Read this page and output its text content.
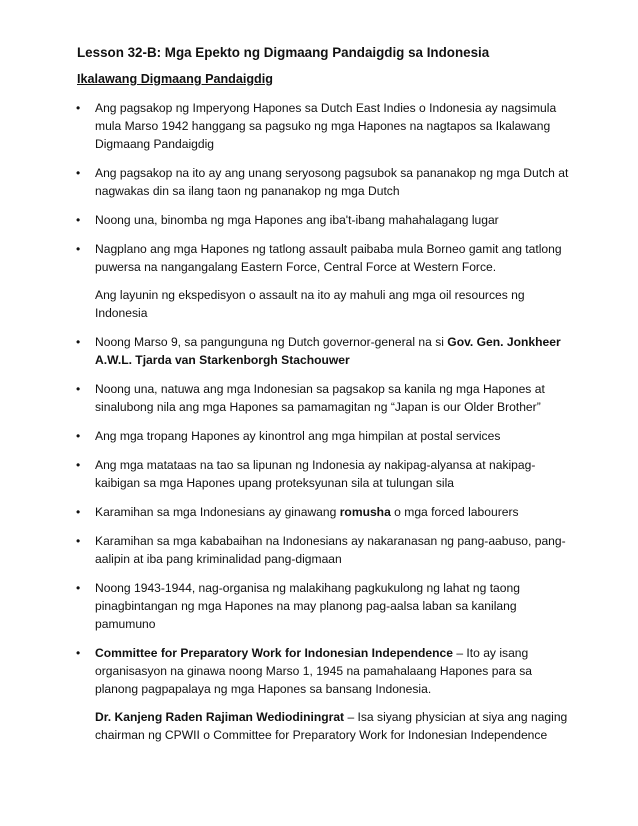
Lesson 32-B: Mga Epekto ng Digmaang Pandaigdig sa Indonesia
Ikalawang Digmaang Pandaigdig
• Ang pagsakop ng Imperyong Hapones sa Dutch East Indies o Indonesia ay nagsimula mula Marso 1942 hanggang sa pagsuko ng mga Hapones na nagtapos sa Ikalawang Digmaang Pandaigdig
• Ang pagsakop na ito ay ang unang seryosong pagsubok sa pananakop ng mga Dutch at nagwakas din sa ilang taon ng pananakop ng mga Dutch
• Noong una, binomba ng mga Hapones ang iba't-ibang mahahalagang lugar
• Nagplano ang mga Hapones ng tatlong assault paibaba mula Borneo gamit ang tatlong puwersa na nangangalang Eastern Force, Central Force at Western Force.
Ang layunin ng ekspedisyon o assault na ito ay mahuli ang mga oil resources ng Indonesia
• Noong Marso 9, sa pangunguna ng Dutch governor-general na si Gov. Gen. Jonkheer A.W.L. Tjarda van Starkenborgh Stachouwer
• Noong una, natuwa ang mga Indonesian sa pagsakop sa kanila ng mga Hapones at sinalubong nila ang mga Hapones sa pamamagitan ng “Japan is our Older Brother”
• Ang mga tropang Hapones ay kinontrol ang mga himpilan at postal services
• Ang mga matataas na tao sa lipunan ng Indonesia ay nakipag-alyansa at nakipag-kaibigan sa mga Hapones upang proteksyunan sila at tulungan sila
• Karamihan sa mga Indonesians ay ginawang romusha o mga forced labourers
• Karamihan sa mga kababaihan na Indonesians ay nakaranasan ng pang-aabuso, pang-aalipin at iba pang kriminalidad pang-digmaan
• Noong 1943-1944, nag-organisa ng malakihang pagkukulong ng lahat ng taong pinagbintangan ng mga Hapones na may planong pag-aalsa laban sa kanilang pamumuno
• Committee for Preparatory Work for Indonesian Independence – Ito ay isang organisasyon na ginawa noong Marso 1, 1945 na pamahalaang Hapones para sa planong pagpapalaya ng mga Hapones sa bansang Indonesia.
Dr. Kanjeng Raden Rajiman Wediodiningrat – Isa siyang physician at siya ang naging chairman ng CPWII o Committee for Preparatory Work for Indonesian Independence
